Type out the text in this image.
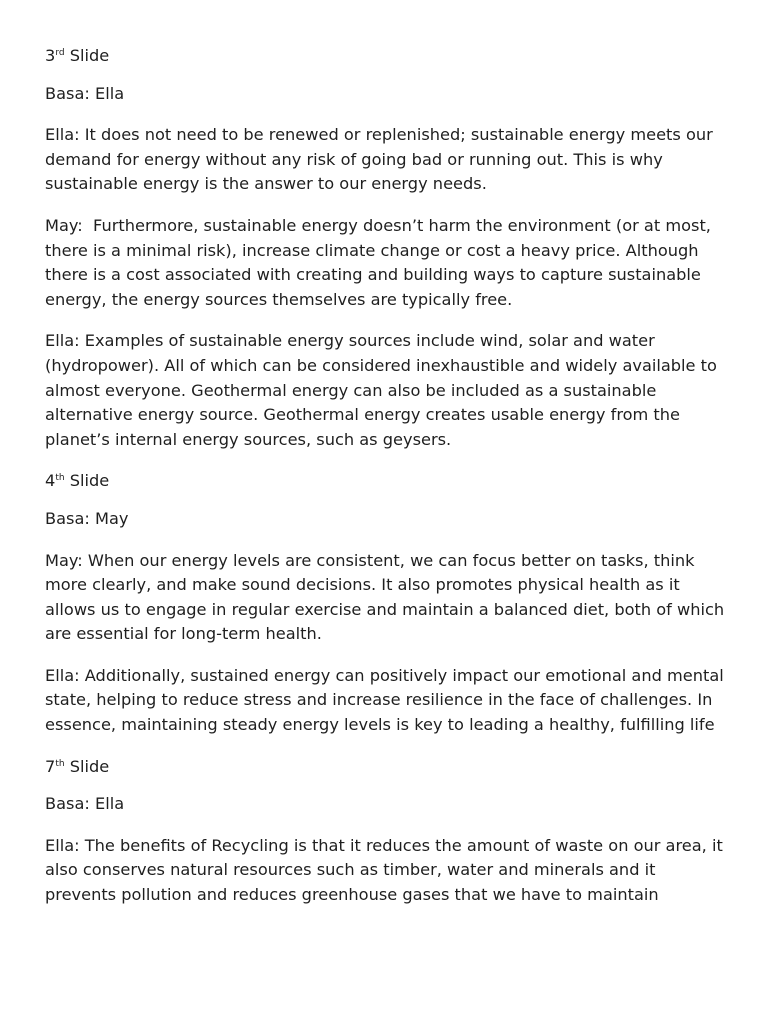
3rd Slide

Basa: Ella

Ella: It does not need to be renewed or replenished; sustainable energy meets our demand for energy without any risk of going bad or running out. This is why sustainable energy is the answer to our energy needs.

May:  Furthermore, sustainable energy doesn’t harm the environment (or at most, there is a minimal risk), increase climate change or cost a heavy price. Although there is a cost associated with creating and building ways to capture sustainable energy, the energy sources themselves are typically free.

Ella: Examples of sustainable energy sources include wind, solar and water (hydropower). All of which can be considered inexhaustible and widely available to almost everyone. Geothermal energy can also be included as a sustainable alternative energy source. Geothermal energy creates usable energy from the planet’s internal energy sources, such as geysers.

4th Slide

Basa: May

May: When our energy levels are consistent, we can focus better on tasks, think more clearly, and make sound decisions. It also promotes physical health as it allows us to engage in regular exercise and maintain a balanced diet, both of which are essential for long-term health.

Ella: Additionally, sustained energy can positively impact our emotional and mental state, helping to reduce stress and increase resilience in the face of challenges. In essence, maintaining steady energy levels is key to leading a healthy, fulfilling life

7th Slide

Basa: Ella

Ella: The benefits of Recycling is that it reduces the amount of waste on our area, it also conserves natural resources such as timber, water and minerals and it prevents pollution and reduces greenhouse gases that we have to maintain
